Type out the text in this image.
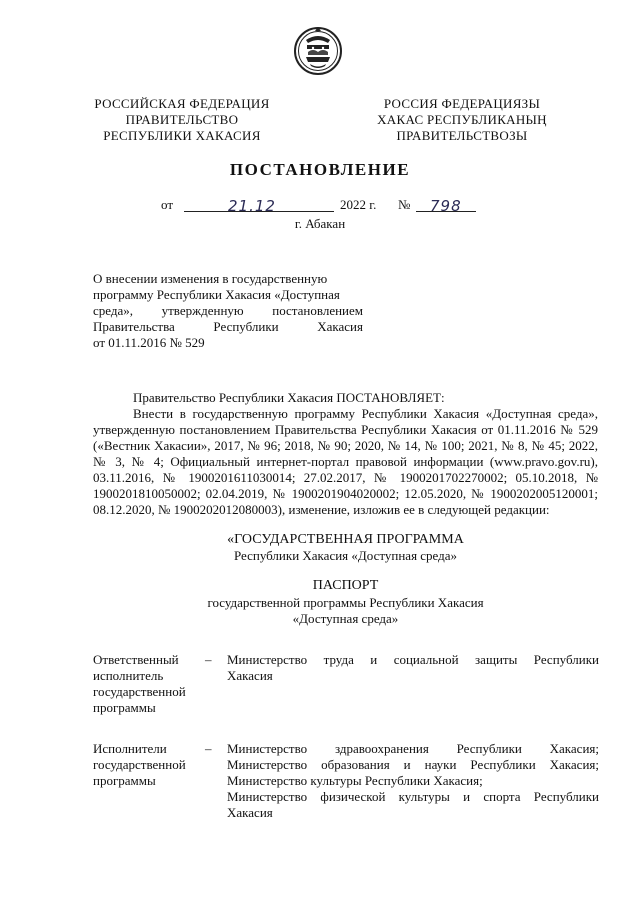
РОССИЙСКАЯ ФЕДЕРАЦИЯ
ПРАВИТЕЛЬСТВО
РЕСПУБЛИКИ ХАКАСИЯ
РОССИЯ ФЕДЕРАЦИЯЗЫ
ХАКАС РЕСПУБЛИКАНЫҢ
ПРАВИТЕЛЬСТВОЗЫ
ПОСТАНОВЛЕНИЕ
от	21.12	2022 г. № 798
г. Абакан
О внесении изменения в государственную
программу Республики Хакасия «Доступная
среда», утвержденную постановлением
Правительства Республики Хакасия
от 01.11.2016 № 529
Правительство Республики Хакасия ПОСТАНОВЛЯЕТ:
Внести в государственную программу Республики Хакасия «Доступная среда», утвержденную постановлением Правительства Республики Хакасия от 01.11.2016 № 529 («Вестник Хакасии», 2017, № 96; 2018, № 90; 2020, № 14, № 100; 2021, № 8, № 45; 2022, № 3, № 4; Официальный интернет-портал правовой информации (www.pravo.gov.ru), 03.11.2016, № 1900201611030014; 27.02.2017, № 1900201702270002; 05.10.2018, № 1900201810050002; 02.04.2019, № 1900201904020002; 12.05.2020, № 1900202005120001; 08.12.2020, № 1900202012080003), изменение, изложив ее в следующей редакции:
«ГОСУДАРСТВЕННАЯ ПРОГРАММА
Республики Хакасия «Доступная среда»
ПАСПОРТ
государственной программы Республики Хакасия
«Доступная среда»
Ответственный
исполнитель
государственной
программы
– Министерство труда и социальной защиты Республики
Хакасия
Исполнители
государственной
программы
– Министерство здравоохранения Республики Хакасия;
Министерство образования и науки Республики Хакасия;
Министерство культуры Республики Хакасия;
Министерство физической культуры и спорта Республики
Хакасия
